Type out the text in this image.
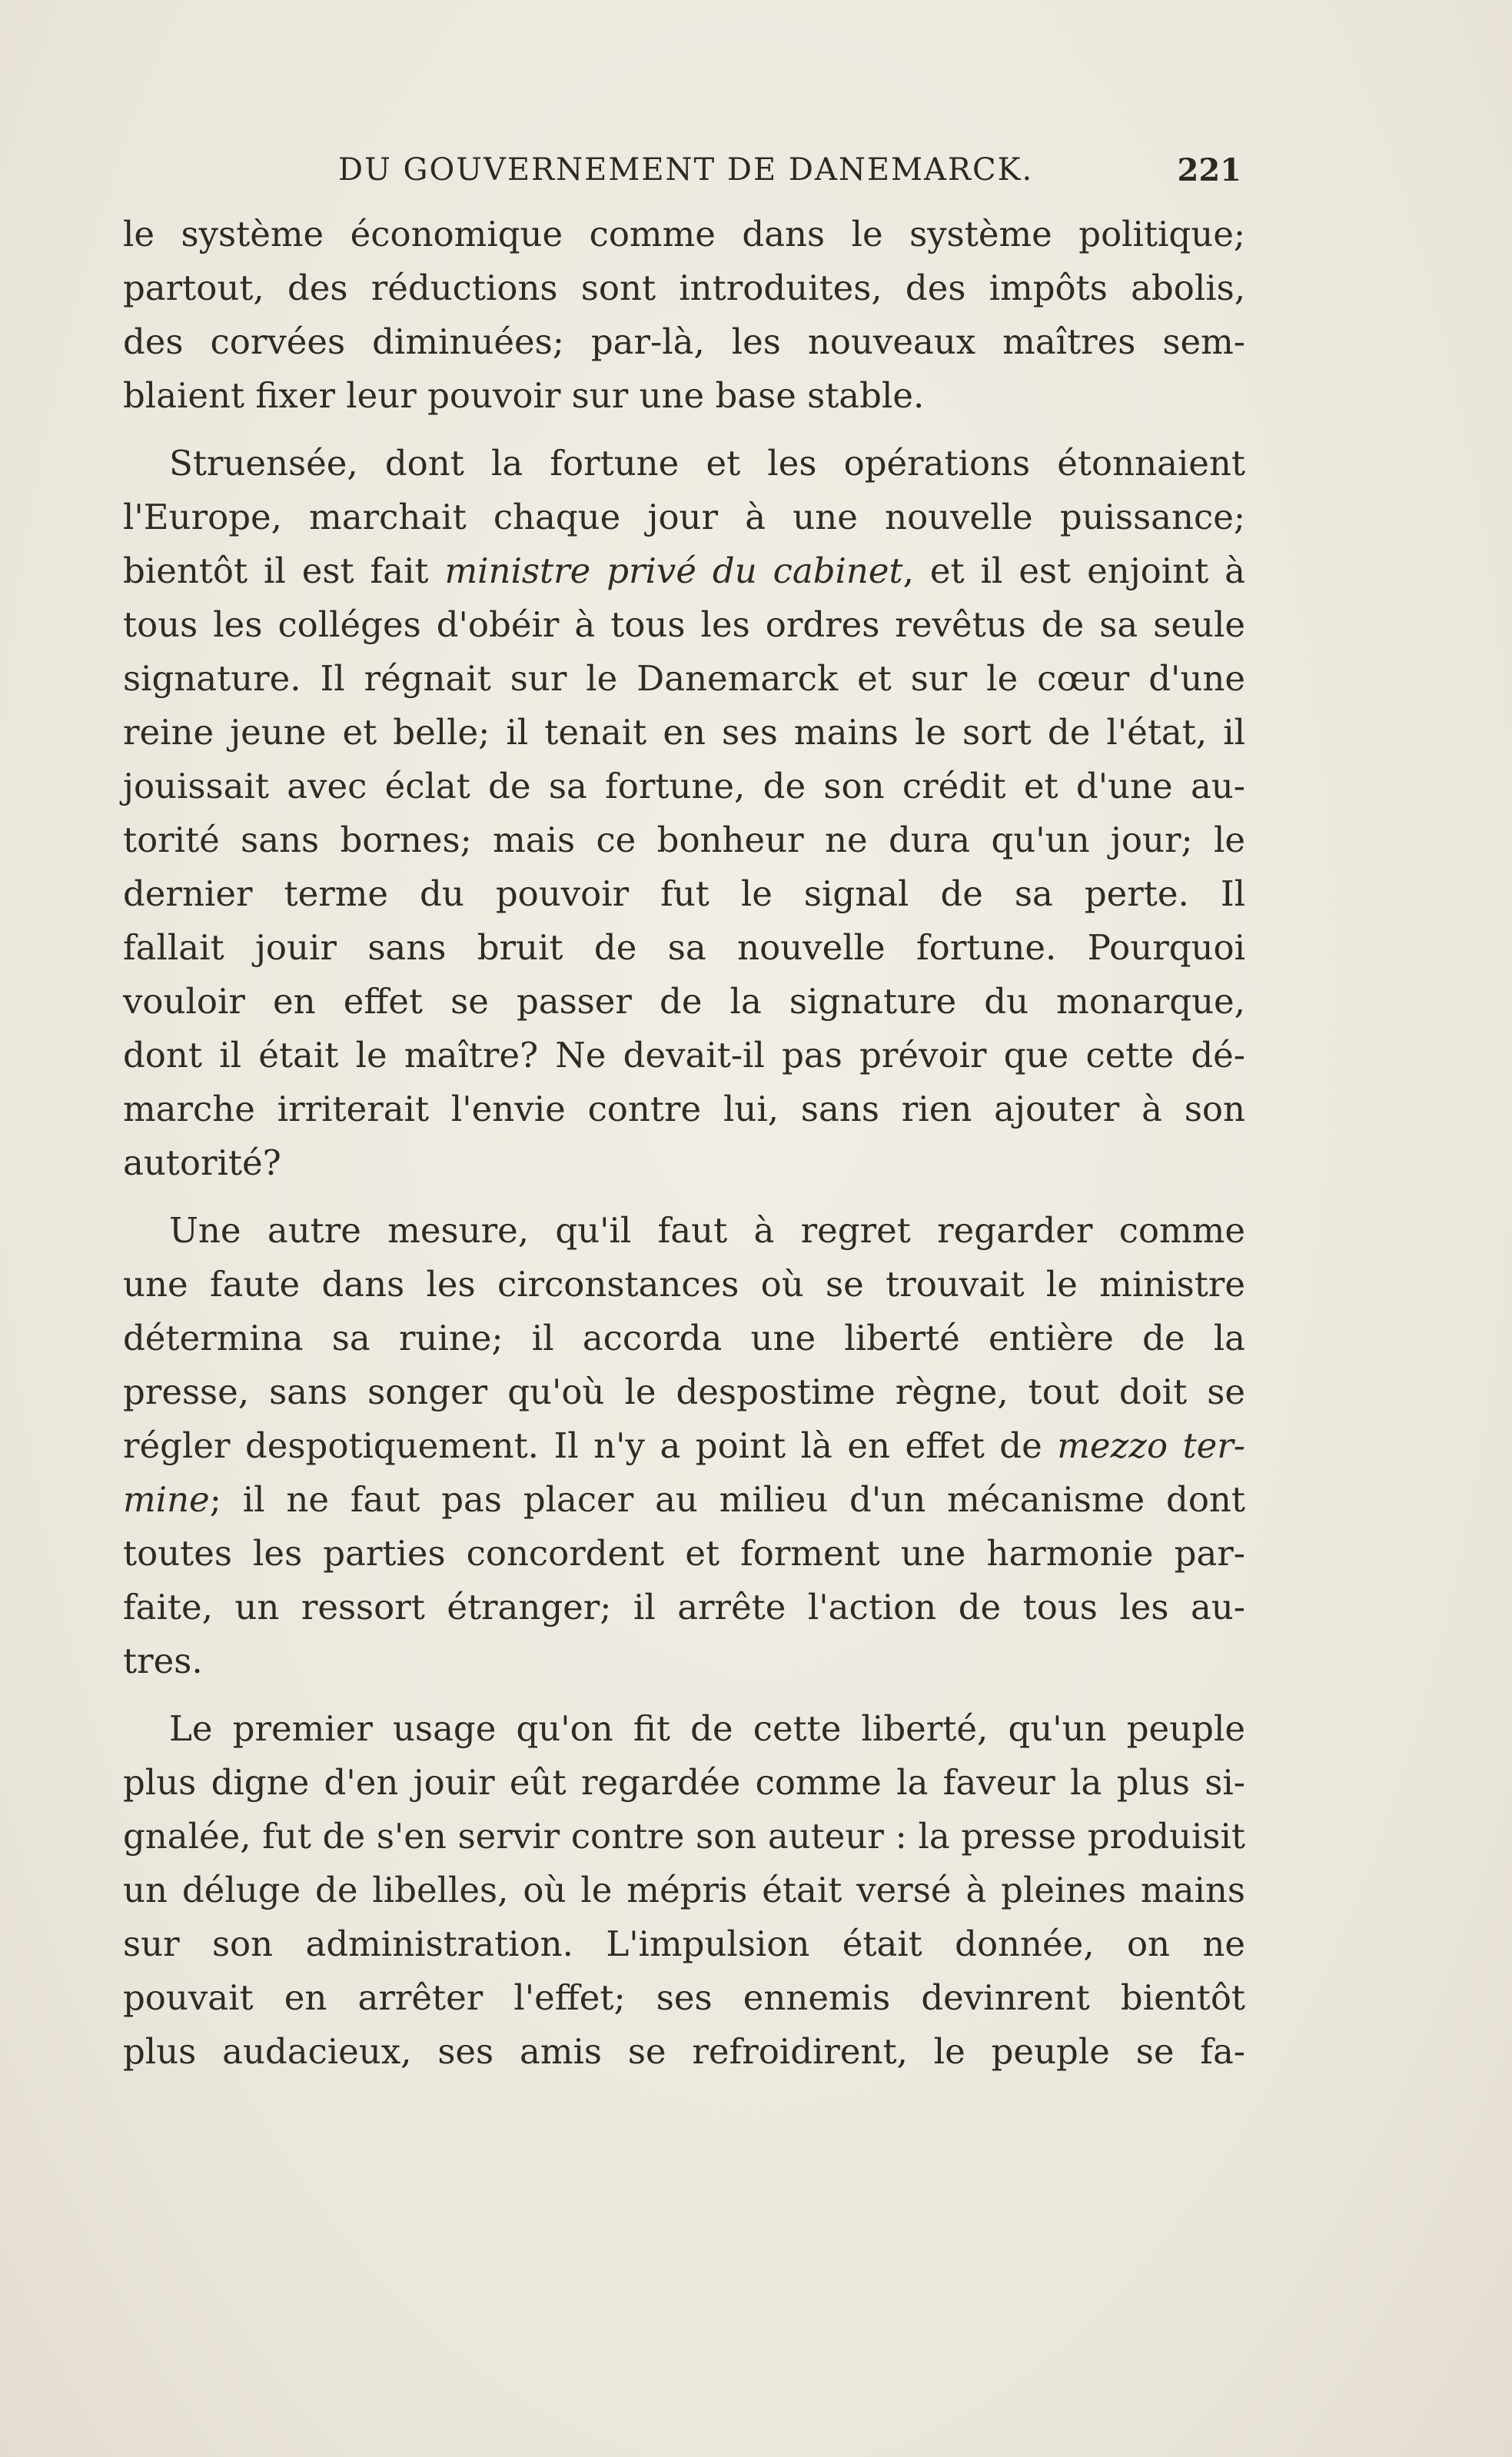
DU GOUVERNEMENT DE DANEMARCK.	221
le système économique comme dans le système politique;
partout, des réductions sont introduites, des impôts abolis,
des corvées diminuées; par-là, les nouveaux maîtres sem-
blaient fixer leur pouvoir sur une base stable.
Struensée, dont la fortune et les opérations étonnaient
l'Europe, marchait chaque jour à une nouvelle puissance;
bientôt il est fait ministre privé du cabinet, et il est enjoint à
tous les colléges d'obéir à tous les ordres revêtus de sa seule
signature. Il régnait sur le Danemarck et sur le cœur d'une
reine jeune et belle; il tenait en ses mains le sort de l'état, il
jouissait avec éclat de sa fortune, de son crédit et d'une au-
torité sans bornes; mais ce bonheur ne dura qu'un jour; le
dernier terme du pouvoir fut le signal de sa perte. Il
fallait jouir sans bruit de sa nouvelle fortune. Pourquoi
vouloir en effet se passer de la signature du monarque,
dont il était le maître? Ne devait-il pas prévoir que cette dé-
marche irriterait l'envie contre lui, sans rien ajouter à son
autorité?
Une autre mesure, qu'il faut à regret regarder comme
une faute dans les circonstances où se trouvait le ministre
détermina sa ruine; il accorda une liberté entière de la
presse, sans songer qu'où le despostime règne, tout doit se
régler despotiquement. Il n'y a point là en effet de mezzo ter-
mine; il ne faut pas placer au milieu d'un mécanisme dont
toutes les parties concordent et forment une harmonie par-
faite, un ressort étranger; il arrête l'action de tous les au-
tres.
Le premier usage qu'on fit de cette liberté, qu'un peuple
plus digne d'en jouir eût regardée comme la faveur la plus si-
gnalée, fut de s'en servir contre son auteur : la presse produisit
un déluge de libelles, où le mépris était versé à pleines mains
sur son administration. L'impulsion était donnée, on ne
pouvait en arrêter l'effet; ses ennemis devinrent bientôt
plus audacieux, ses amis se refroidirent, le peuple se fa-
